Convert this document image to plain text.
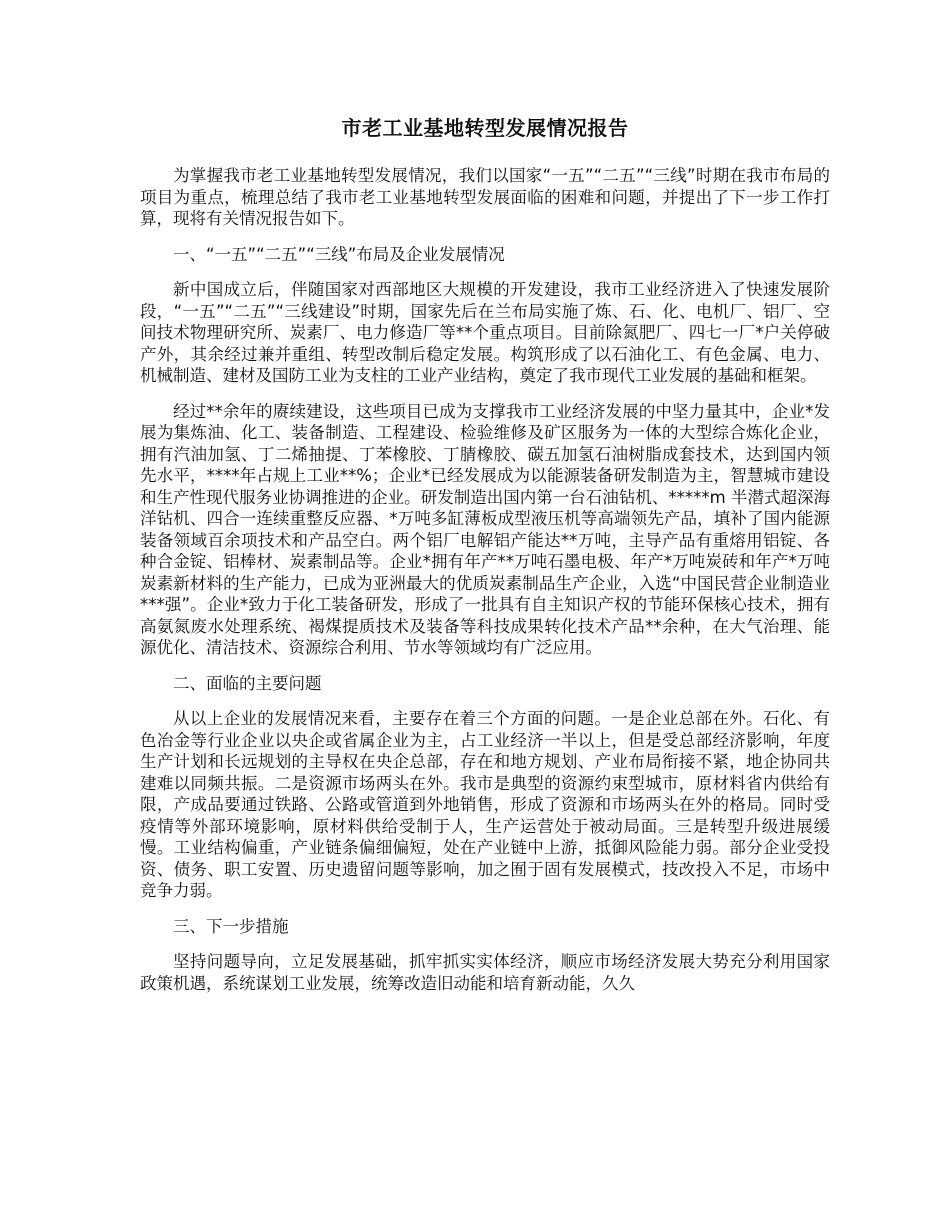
市老工业基地转型发展情况报告

为掌握我市老工业基地转型发展情况，我们以国家“一五”“二五”“三线”时期在我市布局的项目为重点，梳理总结了我市老工业基地转型发展面临的困难和问题，并提出了下一步工作打算，现将有关情况报告如下。

一、“一五”“二五”“三线”布局及企业发展情况

新中国成立后，伴随国家对西部地区大规模的开发建设，我市工业经济进入了快速发展阶段，“一五”“二五”“三线建设”时期，国家先后在兰布局实施了炼、石、化、电机厂、铝厂、空间技术物理研究所、炭素厂、电力修造厂等**个重点项目。目前除氮肥厂、四七一厂*户关停破产外，其余经过兼并重组、转型改制后稳定发展。构筑形成了以石油化工、有色金属、电力、机械制造、建材及国防工业为支柱的工业产业结构，奠定了我市现代工业发展的基础和框架。

经过**余年的赓续建设，这些项目已成为支撑我市工业经济发展的中坚力量其中，企业*发展为集炼油、化工、装备制造、工程建设、检验维修及矿区服务为一体的大型综合炼化企业，拥有汽油加氢、丁二烯抽提、丁苯橡胶、丁腈橡胶、碳五加氢石油树脂成套技术，达到国内领先水平，****年占规上工业**%；企业*已经发展成为以能源装备研发制造为主，智慧城市建设和生产性现代服务业协调推进的企业。研发制造出国内第一台石油钻机、*****m 半潜式超深海洋钻机、四合一连续重整反应器、*万吨多缸薄板成型液压机等高端领先产品，填补了国内能源装备领域百余项技术和产品空白。两个铝厂电解铝产能达**万吨，主导产品有重熔用铝锭、各种合金锭、铝棒材、炭素制品等。企业*拥有年产**万吨石墨电极、年产*万吨炭砖和年产*万吨炭素新材料的生产能力，已成为亚洲最大的优质炭素制品生产企业，入选“中国民营企业制造业***强”。企业*致力于化工装备研发，形成了一批具有自主知识产权的节能环保核心技术，拥有高氨氮废水处理系统、褐煤提质技术及装备等科技成果转化技术产品**余种，在大气治理、能源优化、清洁技术、资源综合利用、节水等领域均有广泛应用。

二、面临的主要问题

从以上企业的发展情况来看，主要存在着三个方面的问题。一是企业总部在外。石化、有色冶金等行业企业以央企或省属企业为主，占工业经济一半以上，但是受总部经济影响，年度生产计划和长远规划的主导权在央企总部，存在和地方规划、产业布局衔接不紧，地企协同共建难以同频共振。二是资源市场两头在外。我市是典型的资源约束型城市，原材料省内供给有限，产成品要通过铁路、公路或管道到外地销售，形成了资源和市场两头在外的格局。同时受疫情等外部环境影响，原材料供给受制于人，生产运营处于被动局面。三是转型升级进展缓慢。工业结构偏重，产业链条偏细偏短，处在产业链中上游，抵御风险能力弱。部分企业受投资、债务、职工安置、历史遗留问题等影响，加之囿于固有发展模式，技改投入不足，市场中竞争力弱。

三、下一步措施

坚持问题导向，立足发展基础，抓牢抓实实体经济，顺应市场经济发展大势充分利用国家政策机遇，系统谋划工业发展，统筹改造旧动能和培育新动能，久久
